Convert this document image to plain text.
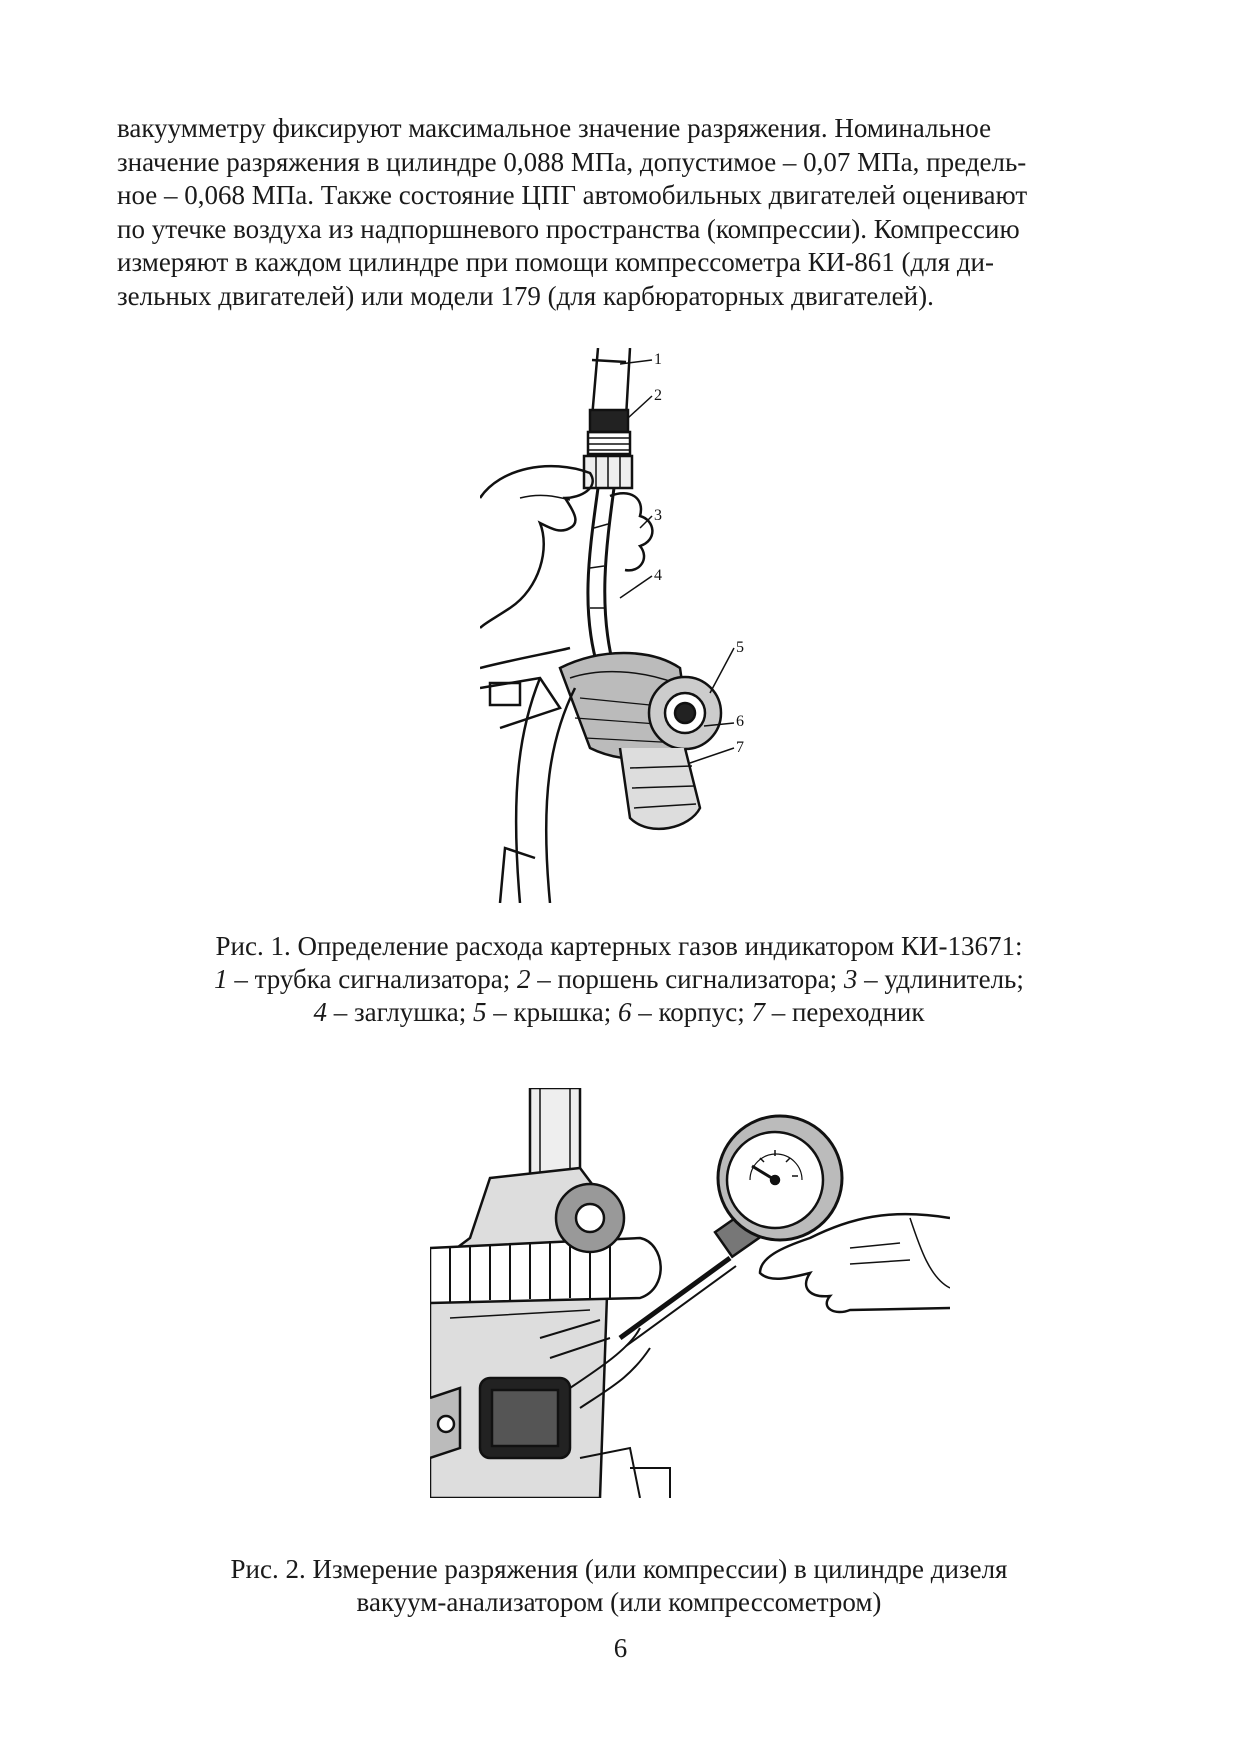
вакуумметру фиксируют максимальное значение разряжения. Номинальное
значение разряжения в цилиндре 0,088 МПа, допустимое – 0,07 МПа, предель-
ное – 0,068 МПа. Также состояние ЦПГ автомобильных двигателей оценивают
по утечке воздуха из надпоршневого пространства (компрессии). Компрессию
измеряют в каждом цилиндре при помощи компрессометра КИ-861 (для ди-
зельных двигателей) или модели 179 (для карбюраторных двигателей).
1
2
3
4
5
6
7
Рис. 1. Определение расхода картерных газов индикатором КИ-13671:
1 – трубка сигнализатора; 2 – поршень сигнализатора; 3 – удлинитель;
4 – заглушка; 5 – крышка; 6 – корпус; 7 – переходник
Рис. 2. Измерение разряжения (или компрессии) в цилиндре дизеля
вакуум-анализатором (или компрессометром)
6
